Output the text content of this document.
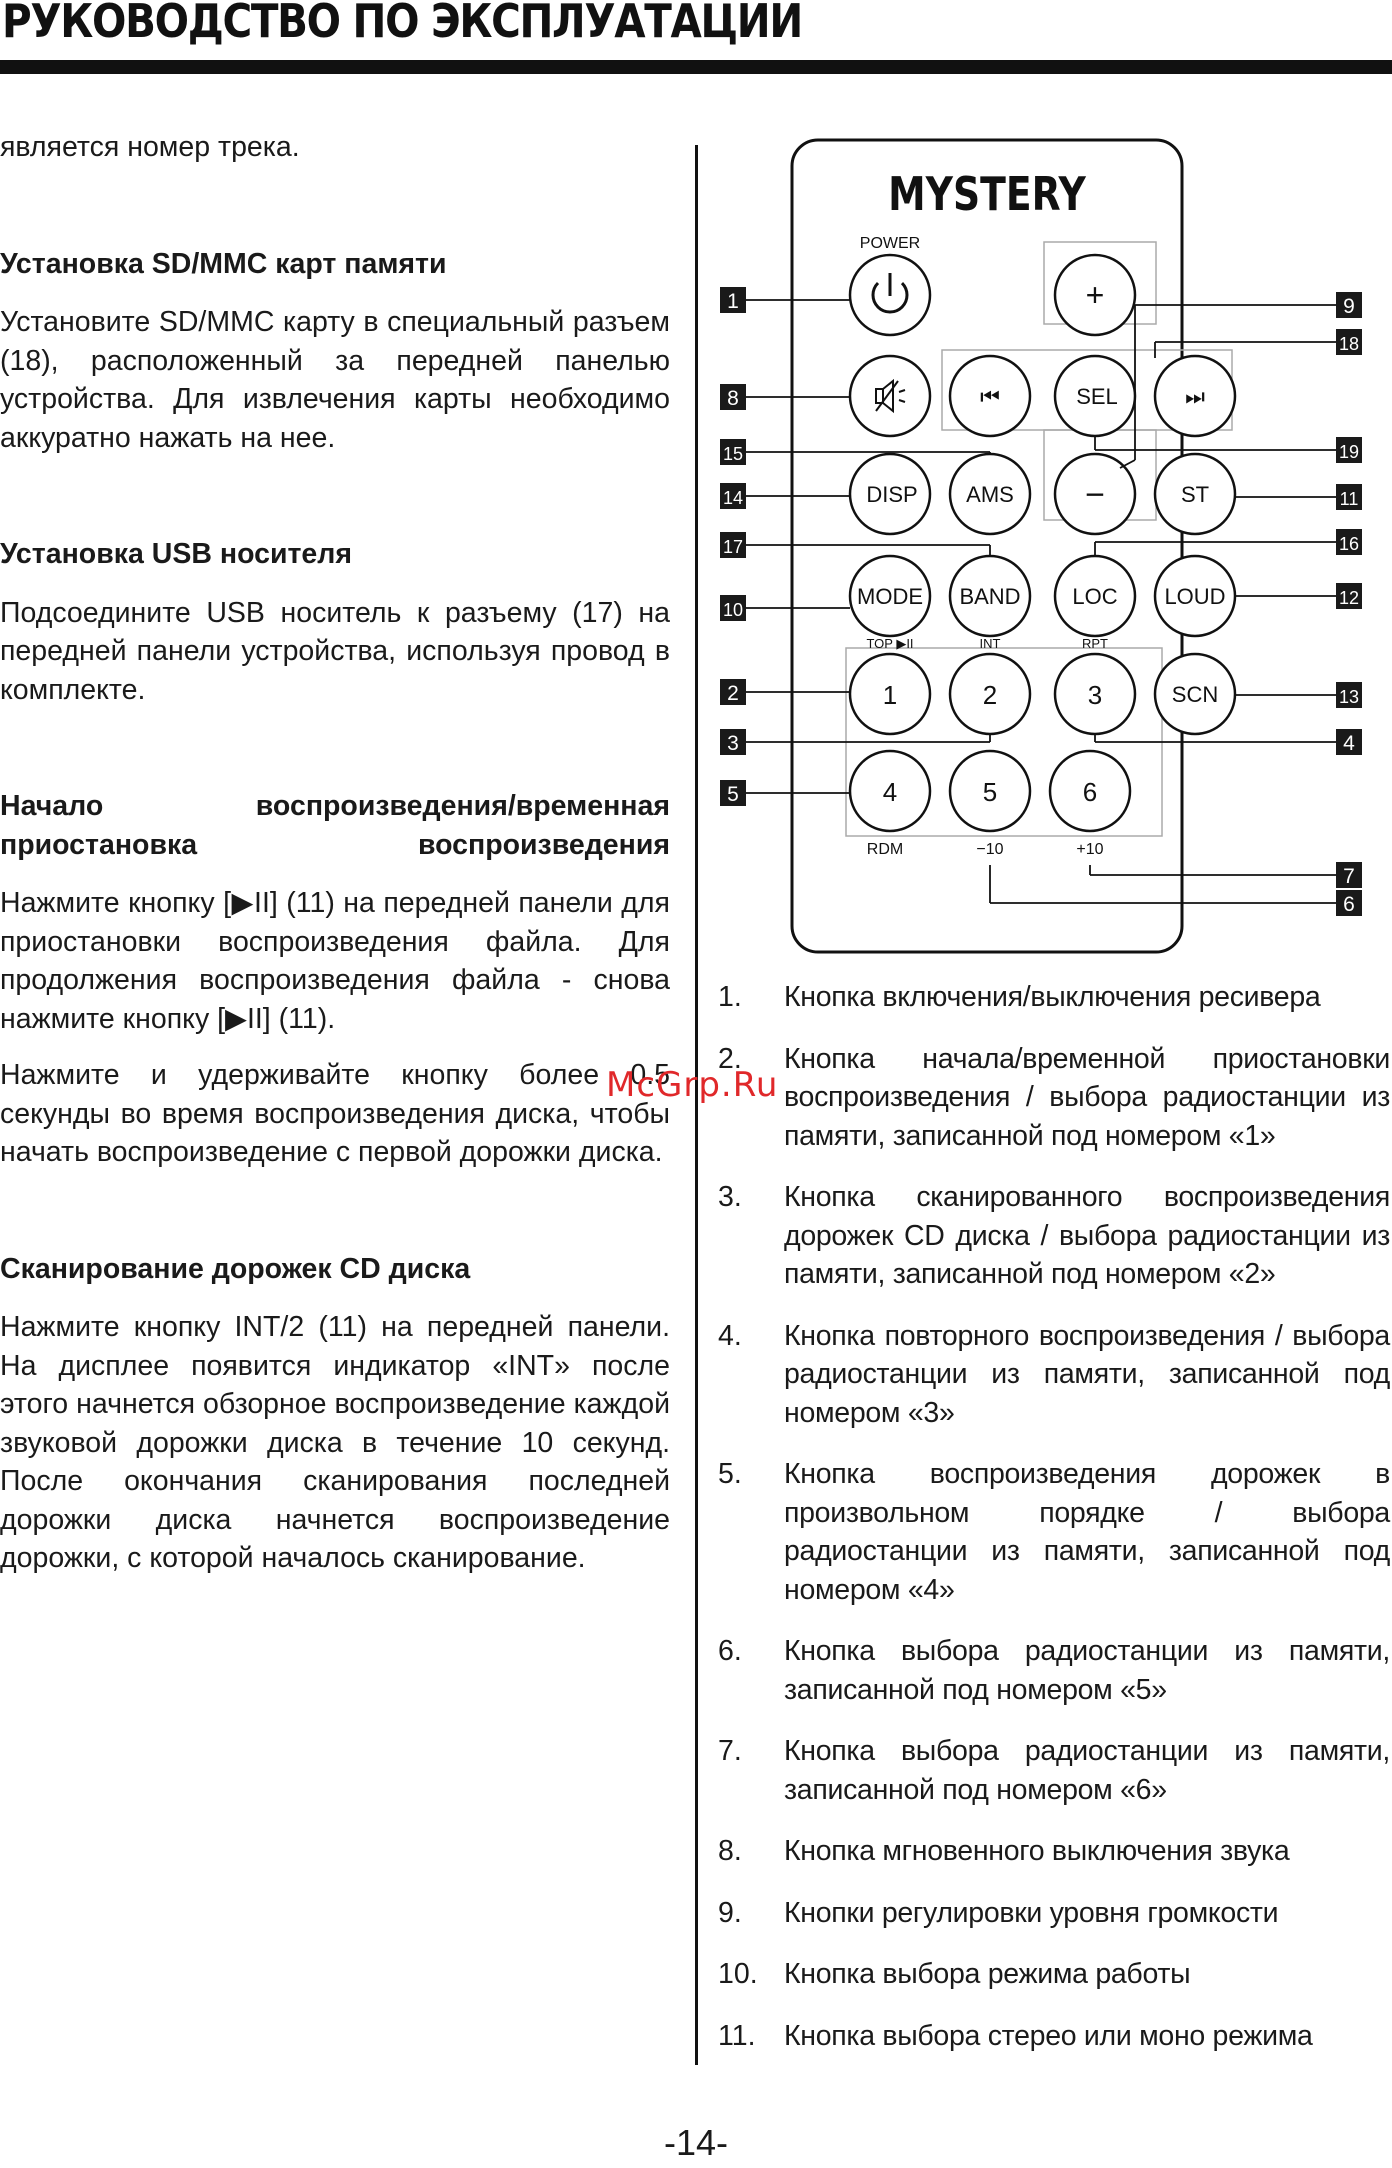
РУКОВОДСТВО ПО ЭКСПЛУАТАЦИИ

является номер трека.

Установка SD/MMC карт памяти

Установите SD/MMC карту в специальный разъем (18), расположенный за передней панелью устройства. Для извлечения карты необходимо аккуратно нажать на нее.

Установка USB носителя

Подсоедините USB носитель к разъему (17) на передней панели устройства, используя провод в комплекте.

Начало воспроизведения/временная приостановка воспроизведения

Нажмите кнопку [▶II] (11) на передней панели для приостановки воспроизведения файла. Для продолжения воспроизведения файла - снова нажмите кнопку [▶II] (11).

Нажмите и удерживайте кнопку более 0.5 секунды во время воспроизведения диска, чтобы начать воспроизведение с первой дорожки диска.

Сканирование дорожек CD диска

Нажмите кнопку INT/2 (11) на передней панели. На дисплее появится индикатор «INT» после этого начнется обзорное воспроизведение каждой звуковой дорожки диска в течение 10 секунд. После окончания сканирования последней дорожки диска начнется воспроизведение дорожки, с которой началось сканирование.

MYSTERY
POWER
+
⏮	SEL	⏭
−
DISP AMS	ST
MODE BAND LOC LOUD
1	2	3	SCN
4	5	6
TOP ▶II	INT	RPT
RDM	−10	+10
1
8
15
14
17
10
2
3
5
9
18
19
11
16
12
13
4
7
6
1.	Кнопка включения/выключения ресивера
2.	Кнопка начала/временной приостановки воспроизведения / выбора радиостанции из памяти, записанной под номером «1»
3.	Кнопка сканированного воспроизведения дорожек CD диска / выбора радиостанции из памяти, записанной под номером «2»
4.	Кнопка повторного воспроизведения / выбора радиостанции из памяти, записанной под номером «3»
5.	Кнопка воспроизведения дорожек в произвольном порядке / выбора радиостанции из памяти, записанной под номером «4»
6.	Кнопка выбора радиостанции из памяти, записанной под номером «5»
7.	Кнопка выбора радиостанции из памяти, записанной под номером «6»
8.	Кнопка мгновенного выключения звука
9.	Кнопки регулировки уровня громкости
10. Кнопка выбора режима работы
11. Кнопка выбора стерео или моно режима
McGrp.Ru
-14-
